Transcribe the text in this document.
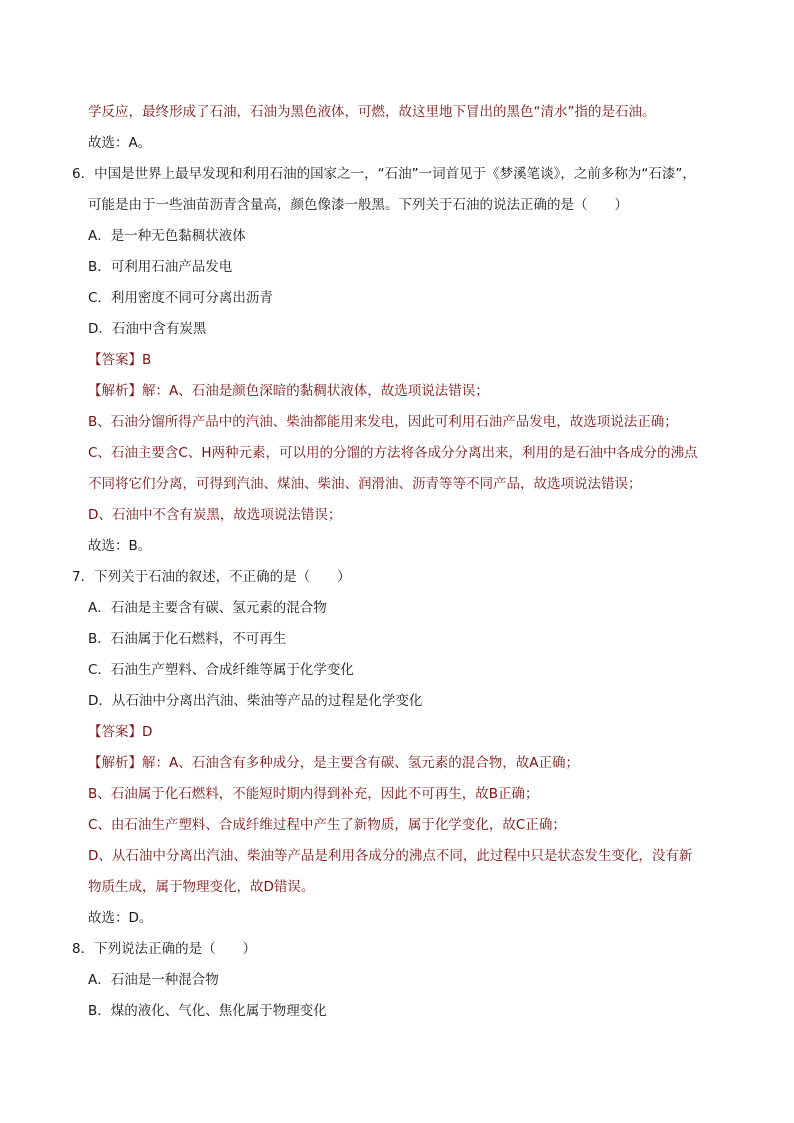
学反应，最终形成了石油，石油为黑色液体，可燃，故这里地下冒出的黑色“清水”指的是石油。
故选：A。
6．中国是世界上最早发现和利用石油的国家之一，“石油”一词首见于《梦溪笔谈》，之前多称为“石漆”，
可能是由于一些油苗沥青含量高，颜色像漆一般黑。下列关于石油的说法正确的是（　　）
A．是一种无色黏稠状液体
B．可利用石油产品发电
C．利用密度不同可分离出沥青
D．石油中含有炭黑
【答案】B
【解析】解：A、石油是颜色深暗的黏稠状液体，故选项说法错误；
B、石油分馏所得产品中的汽油、柴油都能用来发电，因此可利用石油产品发电，故选项说法正确；
C、石油主要含C、H两种元素，可以用的分馏的方法将各成分分离出来，利用的是石油中各成分的沸点
不同将它们分离，可得到汽油、煤油、柴油、润滑油、沥青等等不同产品，故选项说法错误；
D、石油中不含有炭黑，故选项说法错误；
故选：B。
7．下列关于石油的叙述，不正确的是（　　）
A．石油是主要含有碳、氢元素的混合物
B．石油属于化石燃料，不可再生
C．石油生产塑料、合成纤维等属于化学变化
D．从石油中分离出汽油、柴油等产品的过程是化学变化
【答案】D
【解析】解：A、石油含有多种成分，是主要含有碳、氢元素的混合物，故A正确；
B、石油属于化石燃料，不能短时期内得到补充，因此不可再生，故B正确；
C、由石油生产塑料、合成纤维过程中产生了新物质，属于化学变化，故C正确；
D、从石油中分离出汽油、柴油等产品是利用各成分的沸点不同，此过程中只是状态发生变化，没有新
物质生成，属于物理变化，故D错误。
故选：D。
8．下列说法正确的是（　　）
A．石油是一种混合物
B．煤的液化、气化、焦化属于物理变化
